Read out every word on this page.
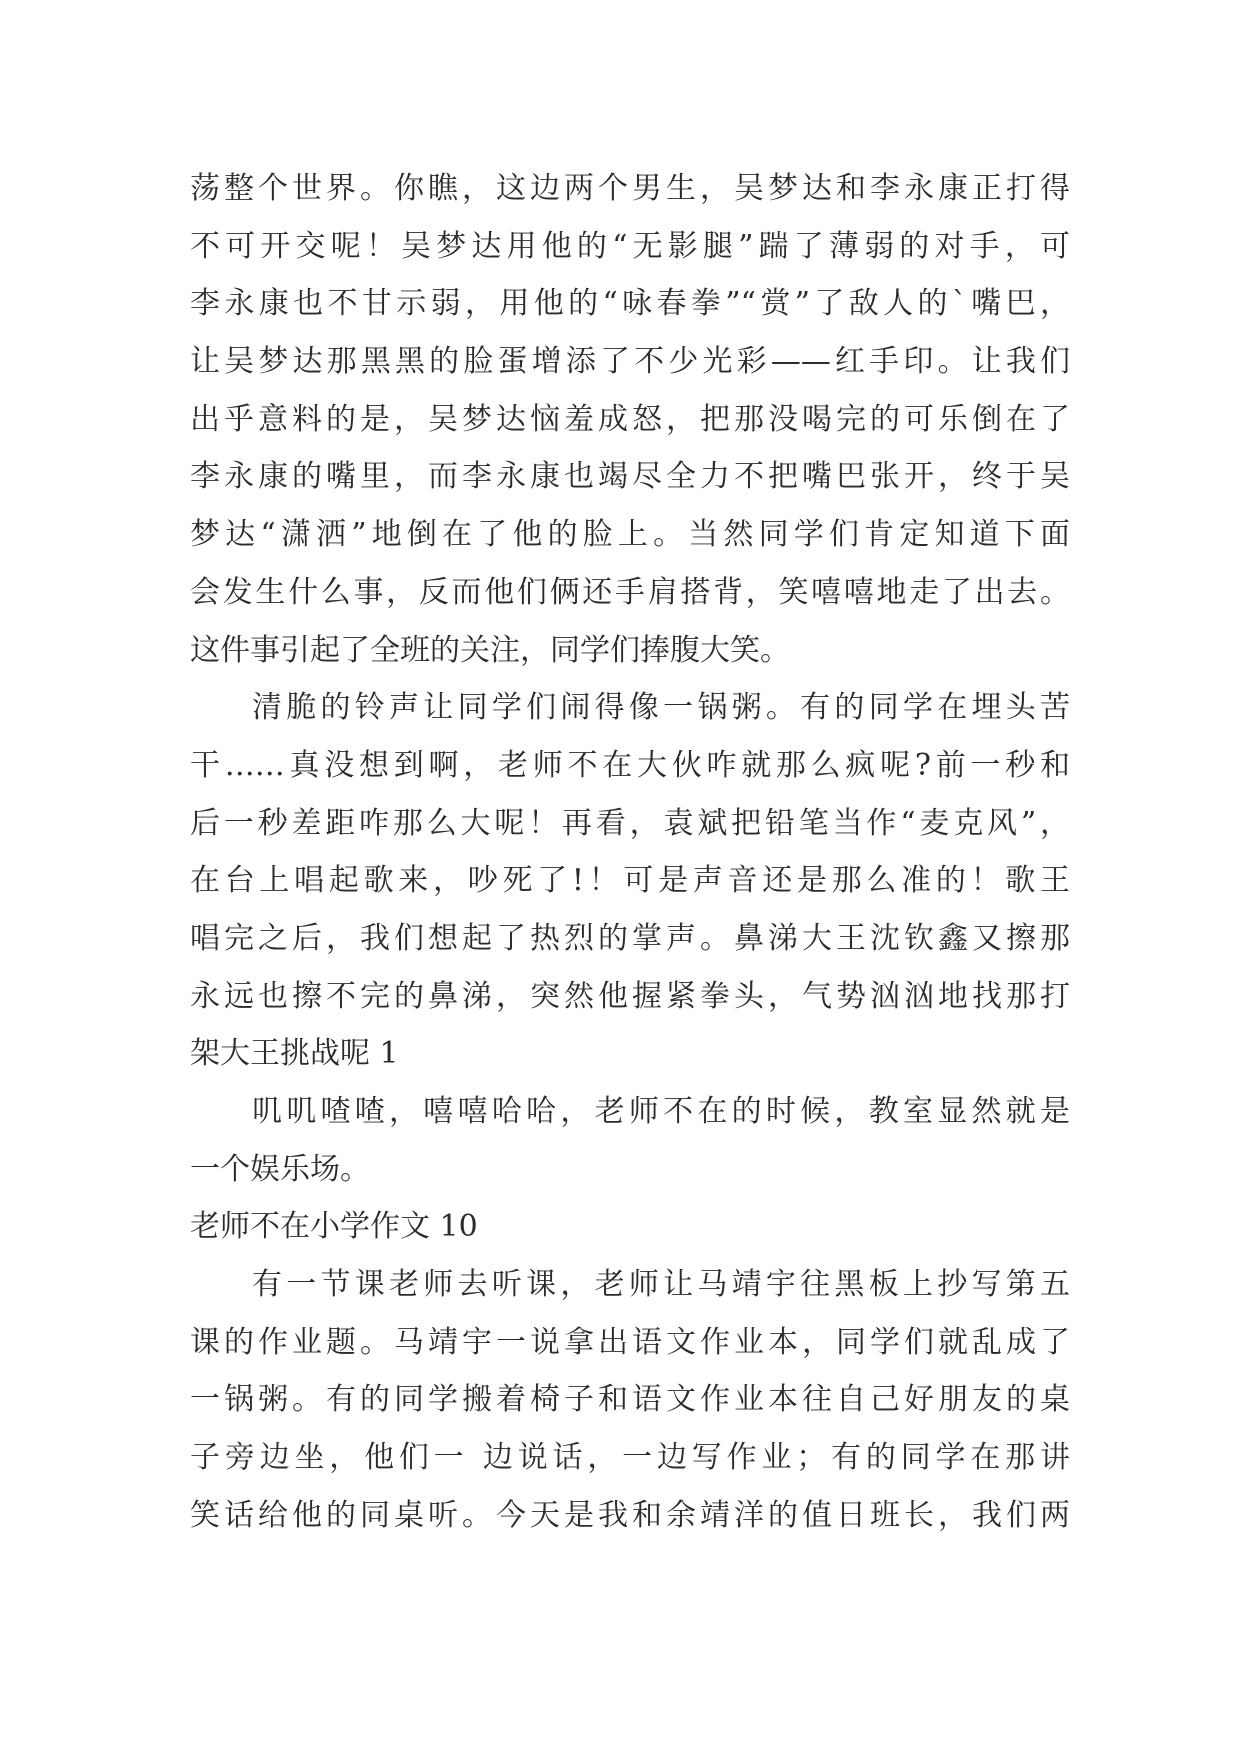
荡整个世界。你瞧，这边两个男生，吴梦达和李永康正打得
不可开交呢！吴梦达用他的“无影腿”踹了薄弱的对手，可
李永康也不甘示弱，用他的“咏春拳”“赏”了敌人的`嘴巴，
让吴梦达那黑黑的脸蛋增添了不少光彩——红手印。让我们
出乎意料的是，吴梦达恼羞成怒，把那没喝完的可乐倒在了
李永康的嘴里，而李永康也竭尽全力不把嘴巴张开，终于吴
梦达“潇洒”地倒在了他的脸上。当然同学们肯定知道下面
会发生什么事，反而他们俩还手肩搭背，笑嘻嘻地走了出去。
这件事引起了全班的关注，同学们捧腹大笑。
清脆的铃声让同学们闹得像一锅粥。有的同学在埋头苦
干……真没想到啊，老师不在大伙咋就那么疯呢?前一秒和
后一秒差距咋那么大呢！再看，袁斌把铅笔当作“麦克风”，
在台上唱起歌来，吵死了!！可是声音还是那么准的！歌王
唱完之后，我们想起了热烈的掌声。鼻涕大王沈钦鑫又擦那
永远也擦不完的鼻涕，突然他握紧拳头，气势汹汹地找那打
架大王挑战呢 1
叽叽喳喳，嘻嘻哈哈，老师不在的时候，教室显然就是
一个娱乐场。
老师不在小学作文 10
有一节课老师去听课，老师让马靖宇往黑板上抄写第五
课的作业题。马靖宇一说拿出语文作业本，同学们就乱成了
一锅粥。有的同学搬着椅子和语文作业本往自己好朋友的桌
子旁边坐，他们一 边说话，一边写作业；有的同学在那讲
笑话给他的同桌听。今天是我和余靖洋的值日班长，我们两
